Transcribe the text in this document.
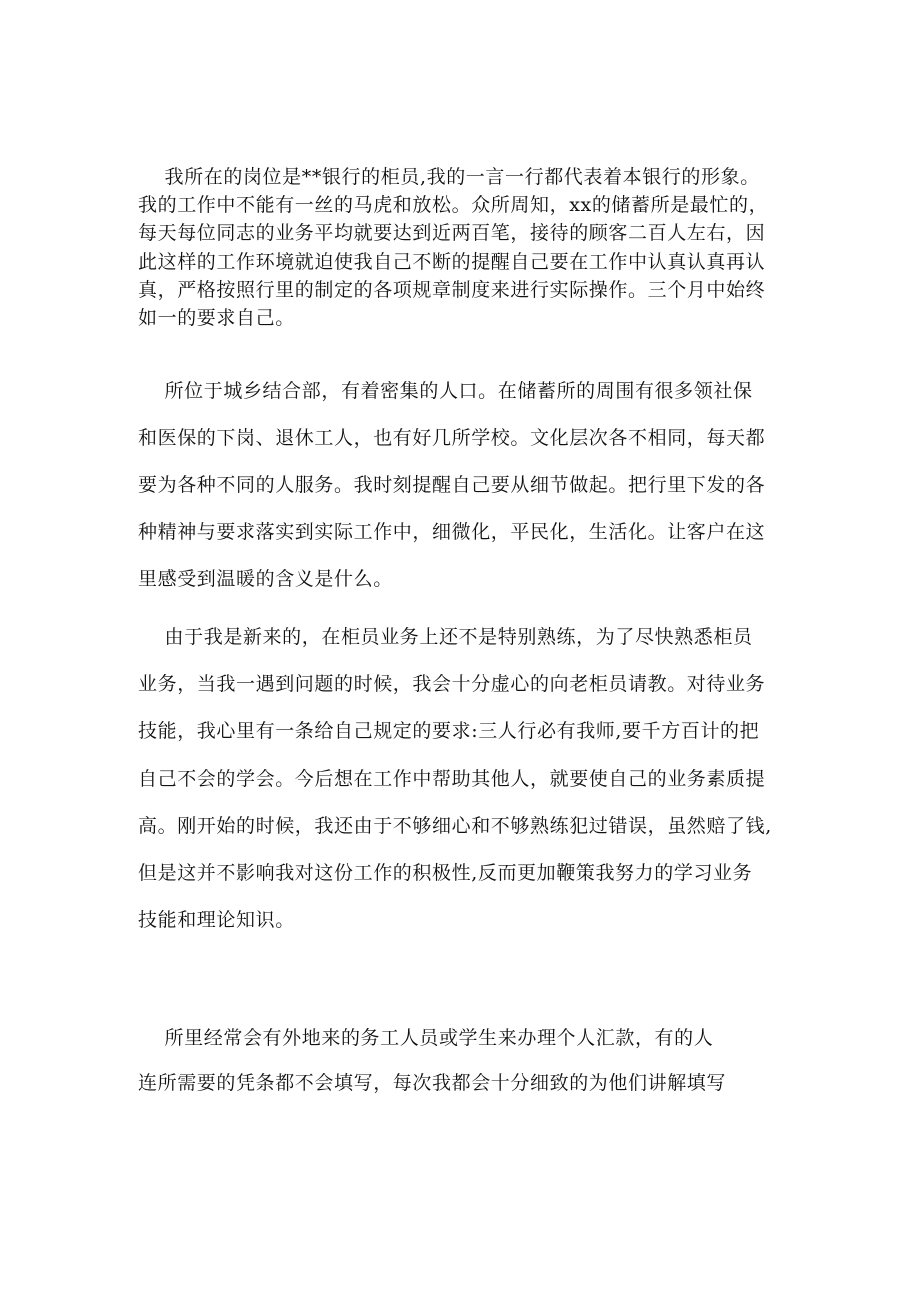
我所在的岗位是**银行的柜员,我的一言一行都代表着本银行的形象。
我的工作中不能有一丝的马虎和放松。众所周知，xx的储蓄所是最忙的，
每天每位同志的业务平均就要达到近两百笔，接待的顾客二百人左右，因
此这样的工作环境就迫使我自己不断的提醒自己要在工作中认真认真再认
真，严格按照行里的制定的各项规章制度来进行实际操作。三个月中始终
如一的要求自己。
所位于城乡结合部，有着密集的人口。在储蓄所的周围有很多领社保
和医保的下岗、退休工人，也有好几所学校。文化层次各不相同，每天都
要为各种不同的人服务。我时刻提醒自己要从细节做起。把行里下发的各
种精神与要求落实到实际工作中，细微化，平民化，生活化。让客户在这
里感受到温暖的含义是什么。
由于我是新来的，在柜员业务上还不是特别熟练，为了尽快熟悉柜员
业务，当我一遇到问题的时候，我会十分虚心的向老柜员请教。对待业务
技能，我心里有一条给自己规定的要求:三人行必有我师,要千方百计的把
自己不会的学会。今后想在工作中帮助其他人，就要使自己的业务素质提
高。刚开始的时候，我还由于不够细心和不够熟练犯过错误，虽然赔了钱,
但是这并不影响我对这份工作的积极性,反而更加鞭策我努力的学习业务
技能和理论知识。
所里经常会有外地来的务工人员或学生来办理个人汇款，有的人
连所需要的凭条都不会填写，每次我都会十分细致的为他们讲解填写
